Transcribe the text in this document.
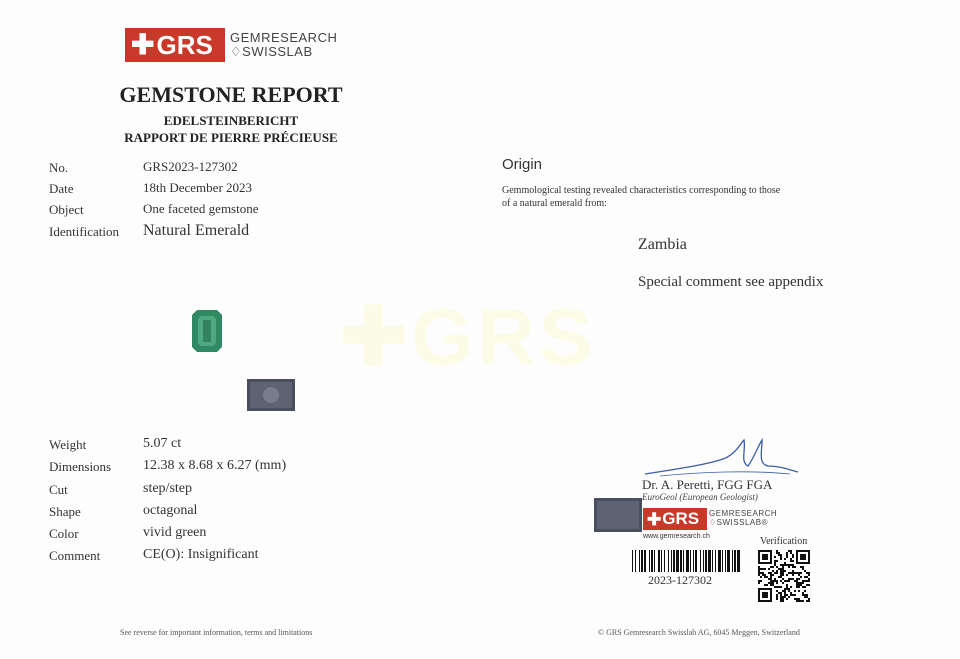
✚GRS
✚ GRS GEMRESEARCH
♢SWISSLAB
GEMSTONE REPORT
EDELSTEINBERICHT
RAPPORT DE PIERRE PRÉCIEUSE
No.	GRS2023-127302
Date	18th December 2023
Object	One faceted gemstone
Identification Natural Emerald
Origin
Gemmological testing revealed characteristics corresponding to those
of a natural emerald from:
Zambia
Special comment see appendix
Weight	5.07 ct
Dimensions 12.38 x 8.68 x 6.27 (mm)
Cut	step/step
Shape	octagonal
Color	vivid green
Comment	CE(O): Insignificant
Dr. A. Peretti, FGG FGA
EuroGeol (European Geologist)
✚ GRS GEMRESEARCH
♢SWISSLAB®
www.gemresearch.ch
2023-127302
Verification
See reverse for important information, terms and limitations	© GRS Gemresearch Swisslab AG, 6045 Meggen, Switzerland
